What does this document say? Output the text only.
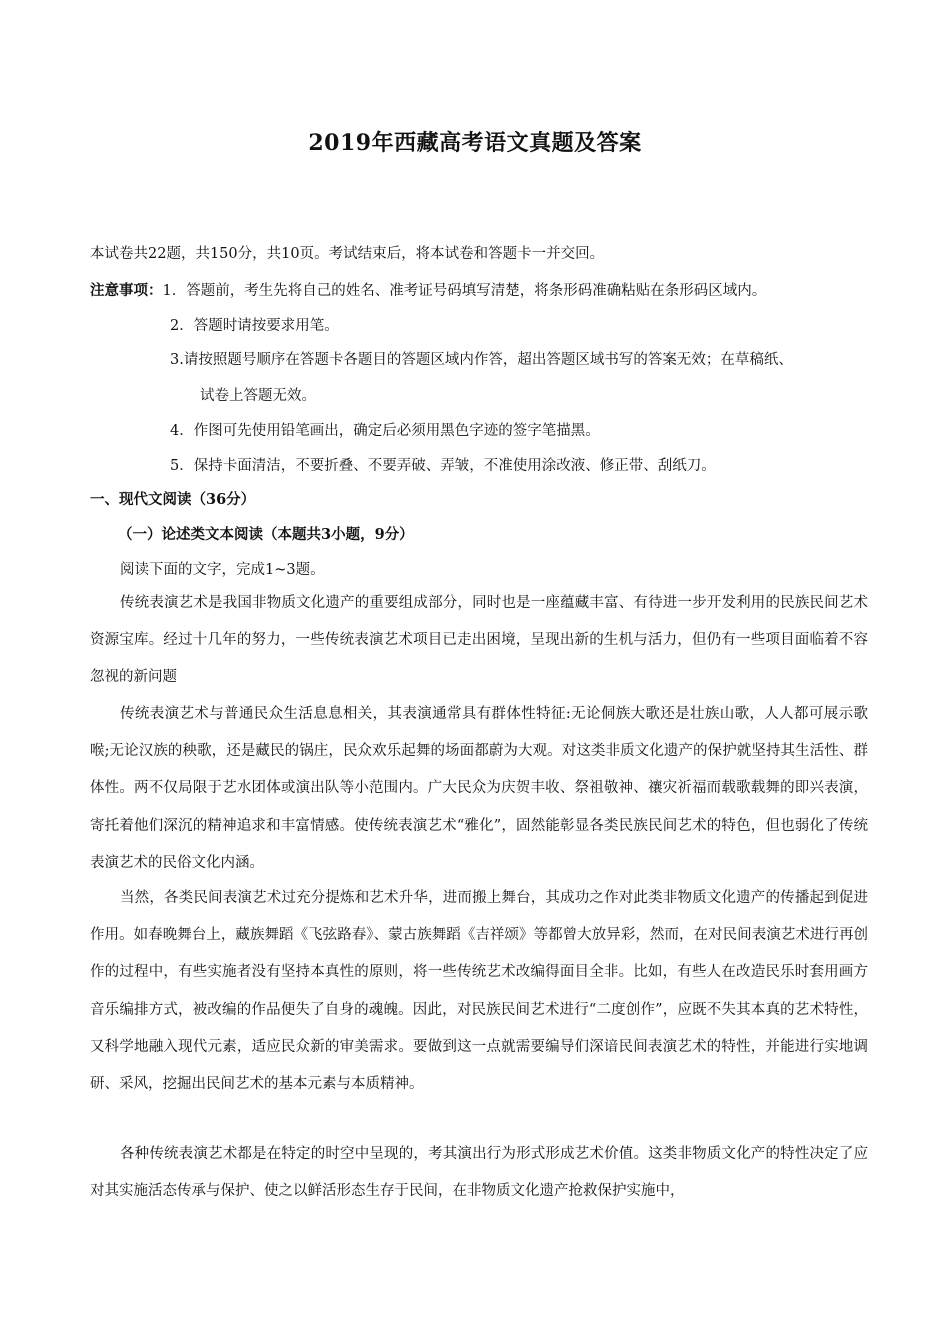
2019年西藏高考语文真题及答案
本试卷共22题，共150分，共10页。考试结束后，将本试卷和答题卡一并交回。
注意事项：1．答题前，考生先将自己的姓名、准考证号码填写清楚，将条形码准确粘贴在条形码区域内。
2．答题时请按要求用笔。
3.请按照题号顺序在答题卡各题目的答题区域内作答，超出答题区域书写的答案无效；在草稿纸、
试卷上答题无效。
4．作图可先使用铅笔画出，确定后必须用黑色字迹的签字笔描黑。
5．保持卡面清洁，不要折叠、不要弄破、弄皱，不准使用涂改液、修正带、刮纸刀。
一、现代文阅读（36分）
（一）论述类文本阅读（本题共3小题，9分）
阅读下面的文字，完成1~3题。

传统表演艺术是我国非物质文化遗产的重要组成部分，同时也是一座蕴藏丰富、有待进一步开发利用的民族民间艺术资源宝库。经过十几年的努力，一些传统表演艺术项目已走出困境，呈现出新的生机与活力，但仍有一些项目面临着不容忽视的新问题

传统表演艺术与普通民众生活息息相关，其表演通常具有群体性特征:无论侗族大歌还是壮族山歌，人人都可展示歌喉;无论汉族的秧歌，还是藏民的锅庄，民众欢乐起舞的场面都蔚为大观。对这类非质文化遗产的保护就坚持其生活性、群体性。两不仅局限于艺水团体或演出队等小范围内。广大民众为庆贺丰收、祭祖敬神、禳灾祈福而载歌载舞的即兴表演，寄托着他们深沉的精神追求和丰富情感。使传统表演艺术“雅化”，固然能彰显各类民族民间艺术的特色，但也弱化了传统表演艺术的民俗文化内涵。

当然，各类民间表演艺术过充分提炼和艺术升华，进而搬上舞台，其成功之作对此类非物质文化遗产的传播起到促进作用。如春晚舞台上，藏族舞蹈《飞弦路春》、蒙古族舞蹈《吉祥颂》等都曾大放异彩，然而，在对民间表演艺术进行再创作的过程中，有些实施者没有坚持本真性的原则，将一些传统艺术改编得面目全非。比如，有些人在改造民乐时套用画方音乐编排方式，被改编的作品便失了自身的魂魄。因此，对民族民间艺术进行“二度创作”，应既不失其本真的艺术特性，又科学地融入现代元素，适应民众新的审美需求。要做到这一点就需要编导们深谙民间表演艺术的特性，并能进行实地调研、采风，挖掘出民间艺术的基本元素与本质精神。

各种传统表演艺术都是在特定的时空中呈现的，考其演出行为形式形成艺术价值。这类非物质文化产的特性决定了应对其实施活态传承与保护、使之以鲜活形态生存于民间，在非物质文化遗产抢救保护实施中，
